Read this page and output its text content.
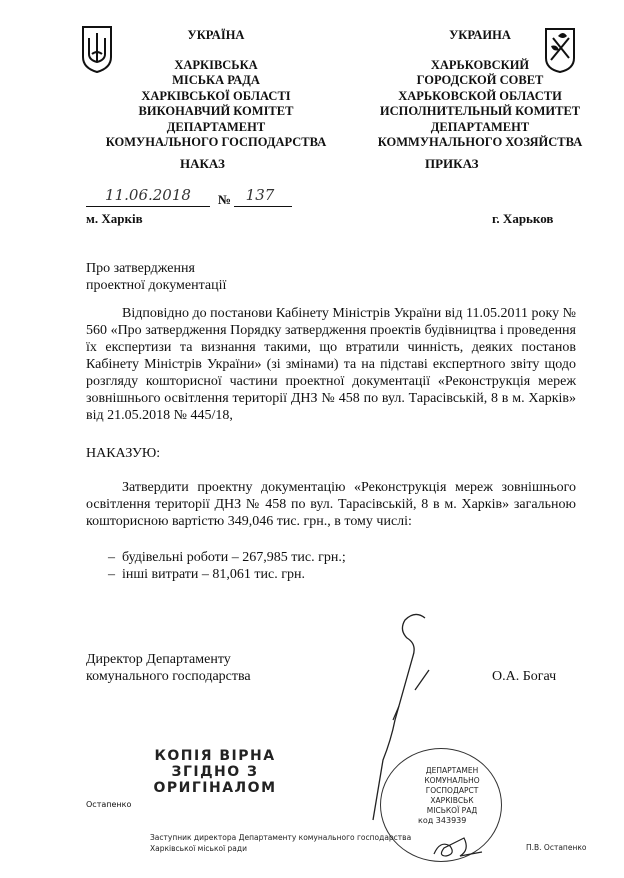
УКРАЇНА
ХАРКІВСЬКА
МІСЬКА РАДА
ХАРКІВСЬКОЇ ОБЛАСТІ
ВИКОНАВЧИЙ КОМІТЕТ
ДЕПАРТАМЕНТ
КОМУНАЛЬНОГО ГОСПОДАРСТВА
УКРАИНА
ХАРЬКОВСКИЙ
ГОРОДСКОЙ СОВЕТ
ХАРЬКОВСКОЙ ОБЛАСТИ
ИСПОЛНИТЕЛЬНЫЙ КОМИТЕТ
ДЕПАРТАМЕНТ
КОММУНАЛЬНОГО ХОЗЯЙСТВА
НАКАЗ	ПРИКАЗ
11.06.2018	№ 137
м. Харків	г. Харьков
Про затвердження
проектної документації
Відповідно до постанови Кабінету Міністрів України від 11.05.2011 року № 560 «Про затвердження Порядку затвердження проектів будівництва і проведення їх експертизи та визнання такими, що втратили чинність, деяких постанов Кабінету Міністрів України» (зі змінами) та на підставі експертного звіту щодо розгляду кошторисної частини проектної документації «Реконструкція мереж зовнішнього освітлення території ДНЗ № 458 по вул. Тарасівській, 8 в м. Харків» від 21.05.2018 № 445/18,
НАКАЗУЮ:
Затвердити проектну документацію «Реконструкція мереж зовнішнього освітлення території ДНЗ № 458 по вул. Тарасівській, 8 в м. Харків» загальною кошторисною вартістю 349,046 тис. грн., в тому числі:
–  будівельні роботи – 267,985 тис. грн.;
–  інші витрати – 81,061 тис. грн.
Директор Департаменту
комунального господарства	О.А. Богач
КОПІЯ ВІРНА
ЗГІДНО З
ОРИГІНАЛОМ
Остапенко
ДЕПАРТАМЕН
КОМУНАЛЬНО
ГОСПОДАРСТ
ХАРКІВСЬК
МІСЬКОЇ РАД
код 343939
Заступник директора Департаменту комунального господарства
Харківської міської ради	П.В. Остапенко
